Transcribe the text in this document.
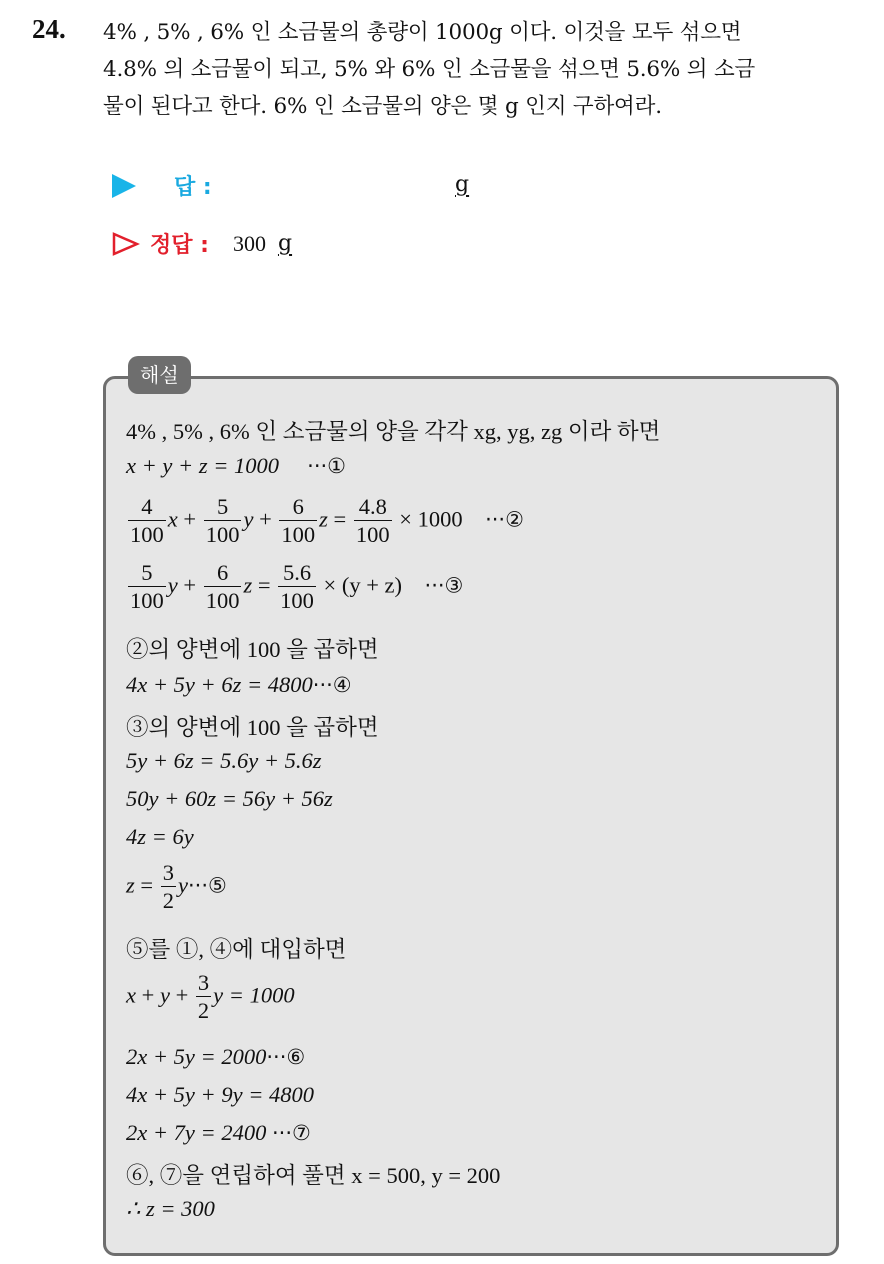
24. 4% , 5% , 6% 인 소금물의 총량이 1000g 이다. 이것을 모두 섞으면
4.8% 의 소금물이 되고, 5% 와 6% 인 소금물을 섞으면 5.6% 의 소금
물이 된다고 한다. 6% 인 소금물의 양은 몇 g 인지 구하여라.
답 :	g
정답 : 300 g
해설
4% , 5% , 6% 인 소금물의 양을 각각 xg, yg, zg 이라 하면
x + y + z = 1000 ···①
$\frac{4}{100}$ $x + \frac{5}{100}$ $y + \frac{6}{100}$ $z = \frac{4.8}{100} \times 1000$ ···②
$\frac{5}{100}$ $y + \frac{6}{100}$ $z = \frac{5.6}{100} \times (y + z)$ ···③
②의 양변에 100 을 곱하면
4x + 5y + 6z = 4800···④
③의 양변에 100 을 곱하면
5y + 6z = 5.6y + 5.6z
50y + 60z = 56y + 56z
4z = 6y
$z = \frac{3}{2}$ y···⑤
⑤를 ①, ④에 대입하면
$x + y + \frac{3}{2}$ y = 1000
2x + 5y = 2000···⑥
4x + 5y + 9y = 4800
2x + 7y = 2400 ···⑦
⑥, ⑦을 연립하여 풀면 x = 500, y = 200
∴ z = 300
